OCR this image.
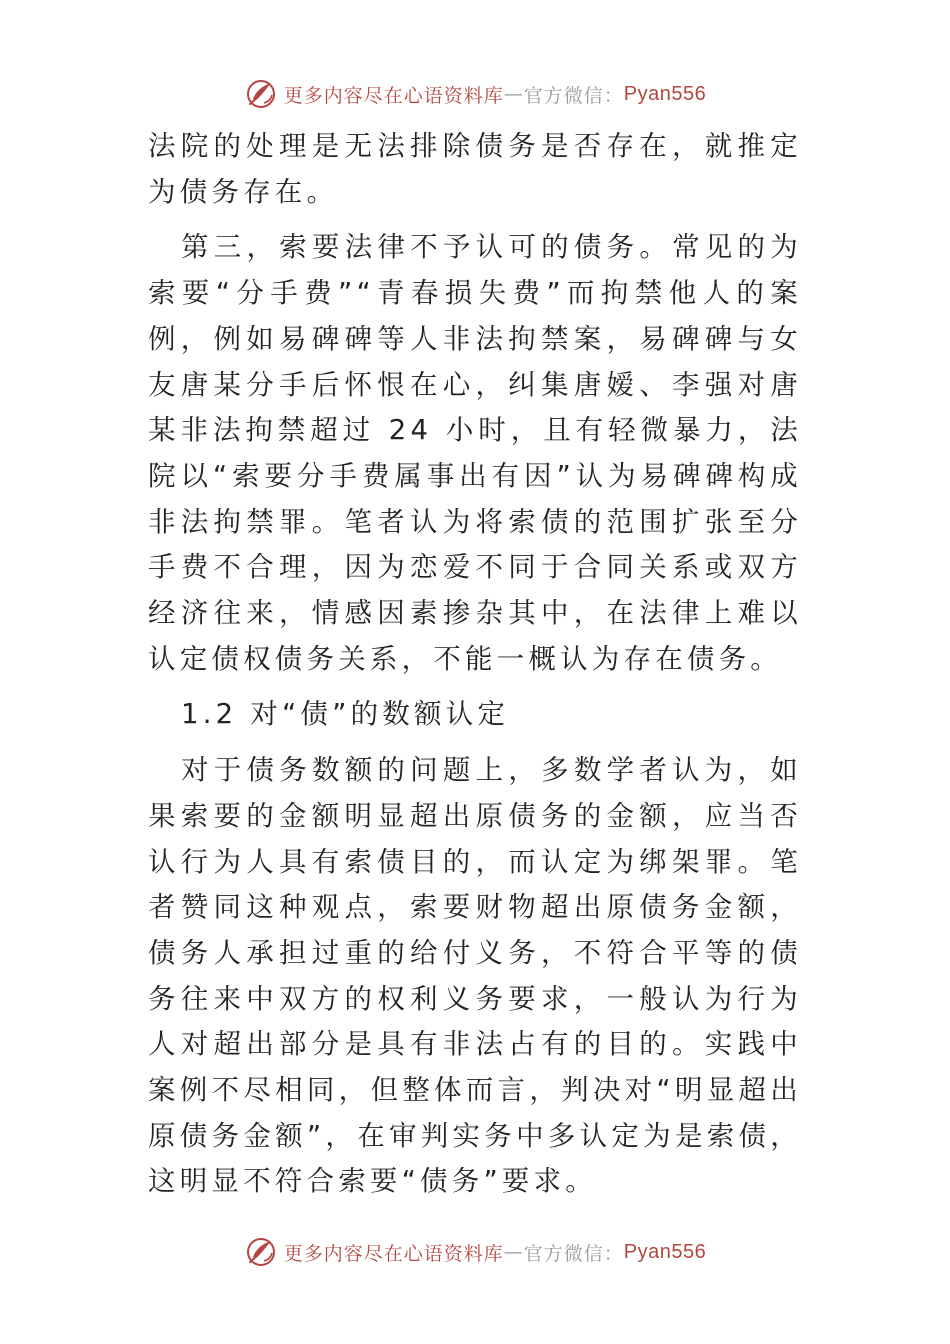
更多内容尽在心语资料库 — 官方微信： Pyan556

法院的处理是无法排除债务是否存在，就推定为债务存在。

第三，索要法律不予认可的债务。常见的为索要“分手费”“青春损失费”而拘禁他人的案例，例如易碑碑等人非法拘禁案，易碑碑与女友唐某分手后怀恨在心，纠集唐嫒、李强对唐某非法拘禁超过 24 小时，且有轻微暴力，法院以“索要分手费属事出有因”认为易碑碑构成非法拘禁罪。笔者认为将索债的范围扩张至分手费不合理，因为恋爱不同于合同关系或双方经济往来，情感因素掺杂其中，在法律上难以认定债权债务关系，不能一概认为存在债务。

1.2 对“债”的数额认定

对于债务数额的问题上，多数学者认为，如果索要的金额明显超出原债务的金额，应当否认行为人具有索债目的，而认定为绑架罪。笔者赞同这种观点，索要财物超出原债务金额，债务人承担过重的给付义务，不符合平等的债务往来中双方的权利义务要求，一般认为行为人对超出部分是具有非法占有的目的。实践中案例不尽相同，但整体而言，判决对“明显超出原债务金额”，在审判实务中多认定为是索债，这明显不符合索要“债务”要求。

更多内容尽在心语资料库 — 官方微信： Pyan556
